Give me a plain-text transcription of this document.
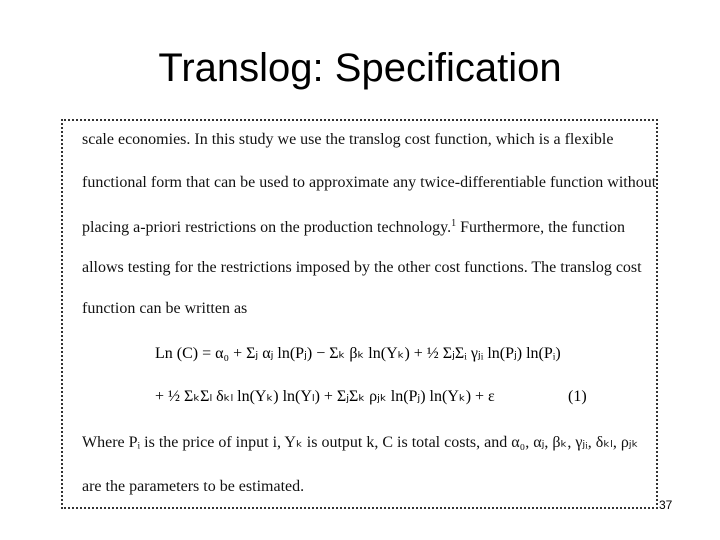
Translog: Specification
scale economies. In this study we use the translog cost function, which is a flexible
functional form that can be used to approximate any twice-differentiable function without
placing a-priori restrictions on the production technology.$^1$ Furthermore, the function
allows testing for the restrictions imposed by the other cost functions. The translog cost
function can be written as
Ln (C) = α₀ + Σⱼ αⱼ ln(Pⱼ) − Σₖ βₖ ln(Yₖ) + ½ ΣⱼΣᵢ γⱼᵢ ln(Pⱼ) ln(Pᵢ)
+ ½ ΣₖΣₗ δₖₗ ln(Yₖ) ln(Yₗ) + ΣⱼΣₖ ρⱼₖ ln(Pⱼ) ln(Yₖ) + ε	(1)
Where Pᵢ is the price of input i, Yₖ is output k, C is total costs, and α₀, αⱼ, βₖ, γⱼᵢ, δₖₗ, ρⱼₖ
are the parameters to be estimated.
37
